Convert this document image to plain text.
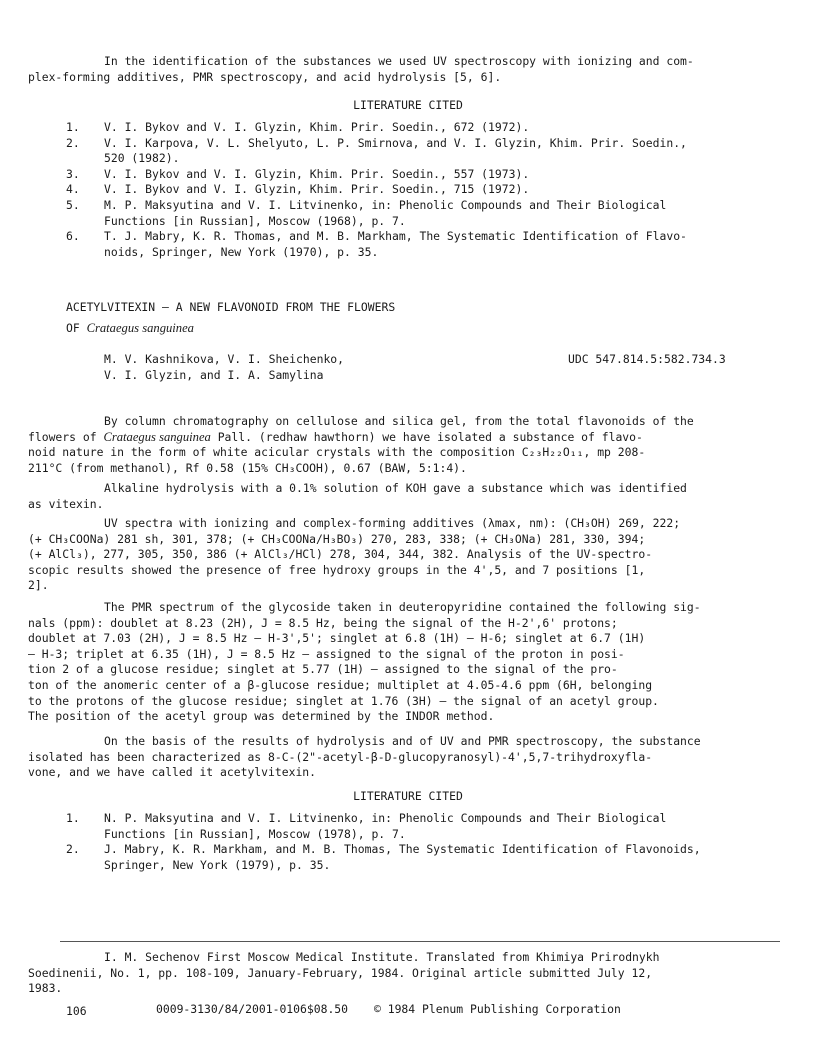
In the identification of the substances we used UV spectroscopy with ionizing and com-
plex-forming additives, PMR spectroscopy, and acid hydrolysis [5, 6].
LITERATURE CITED
1.	V. I. Bykov and V. I. Glyzin, Khim. Prir. Soedin., 672 (1972).
2.	V. I. Karpova, V. L. Shelyuto, L. P. Smirnova, and V. I. Glyzin, Khim. Prir. Soedin.,
520 (1982).
3.	V. I. Bykov and V. I. Glyzin, Khim. Prir. Soedin., 557 (1973).
4.	V. I. Bykov and V. I. Glyzin, Khim. Prir. Soedin., 715 (1972).
5.	M. P. Maksyutina and V. I. Litvinenko, in: Phenolic Compounds and Their Biological
Functions [in Russian], Moscow (1968), p. 7.
6.	T. J. Mabry, K. R. Thomas, and M. B. Markham, The Systematic Identification of Flavo-
noids, Springer, New York (1970), p. 35.
ACETYLVITEXIN — A NEW FLAVONOID FROM THE FLOWERS
OF Crataegus sanguinea
M. V. Kashnikova, V. I. Sheichenko,
V. I. Glyzin, and I. A. Samylina
UDC 547.814.5:582.734.3
By column chromatography on cellulose and silica gel, from the total flavonoids of the
flowers of Crataegus sanguinea Pall. (redhaw hawthorn) we have isolated a substance of flavo-
noid nature in the form of white acicular crystals with the composition C₂₃H₂₂O₁₁, mp 208-
211°C (from methanol), Rf 0.58 (15% CH₃COOH), 0.67 (BAW, 5:1:4).
Alkaline hydrolysis with a 0.1% solution of KOH gave a substance which was identified
as vitexin.
UV spectra with ionizing and complex-forming additives (λmax, nm): (CH₃OH) 269, 222;
(+ CH₃COONa) 281 sh, 301, 378; (+ CH₃COONa/H₃BO₃) 270, 283, 338; (+ CH₃ONa) 281, 330, 394;
(+ AlCl₃), 277, 305, 350, 386 (+ AlCl₃/HCl) 278, 304, 344, 382. Analysis of the UV-spectro-
scopic results showed the presence of free hydroxy groups in the 4',5, and 7 positions [1,
2].
The PMR spectrum of the glycoside taken in deuteropyridine contained the following sig-
nals (ppm): doublet at 8.23 (2H), J = 8.5 Hz, being the signal of the H-2',6' protons;
doublet at 7.03 (2H), J = 8.5 Hz — H-3',5'; singlet at 6.8 (1H) — H-6; singlet at 6.7 (1H)
— H-3; triplet at 6.35 (1H), J = 8.5 Hz — assigned to the signal of the proton in posi-
tion 2 of a glucose residue; singlet at 5.77 (1H) — assigned to the signal of the pro-
ton of the anomeric center of a β-glucose residue; multiplet at 4.05-4.6 ppm (6H, belonging
to the protons of the glucose residue; singlet at 1.76 (3H) — the signal of an acetyl group.
The position of the acetyl group was determined by the INDOR method.
On the basis of the results of hydrolysis and of UV and PMR spectroscopy, the substance
isolated has been characterized as 8-C-(2"-acetyl-β-D-glucopyranosyl)-4',5,7-trihydroxyfla-
vone, and we have called it acetylvitexin.
LITERATURE CITED
1.	N. P. Maksyutina and V. I. Litvinenko, in: Phenolic Compounds and Their Biological
Functions [in Russian], Moscow (1978), p. 7.
2.	J. Mabry, K. R. Markham, and M. B. Thomas, The Systematic Identification of Flavonoids,
Springer, New York (1979), p. 35.
I. M. Sechenov First Moscow Medical Institute. Translated from Khimiya Prirodnykh
Soedinenii, No. 1, pp. 108-109, January-February, 1984. Original article submitted July 12,
1983.
106	0009-3130/84/2001-0106$08.50 © 1984 Plenum Publishing Corporation
